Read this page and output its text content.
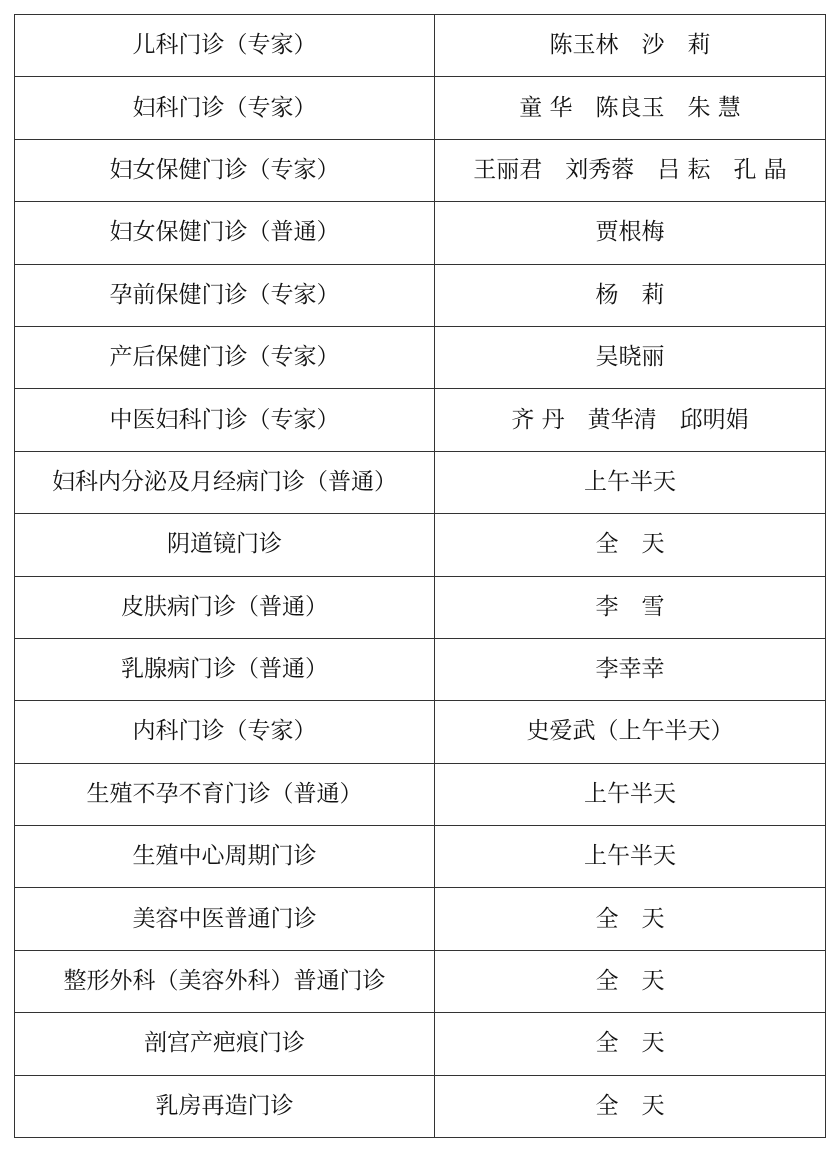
儿科门诊（专家）	陈玉林　沙　莉
妇科门诊（专家）	童 华　陈良玉　朱 慧
妇女保健门诊（专家）	王丽君　刘秀蓉　吕 耘　孔 晶
妇女保健门诊（普通）	贾根梅
孕前保健门诊（专家）	杨　莉
产后保健门诊（专家）	吴晓丽
中医妇科门诊（专家）	齐 丹　黄华清　邱明娟
妇科内分泌及月经病门诊（普通）	上午半天
阴道镜门诊	全　天
皮肤病门诊（普通）	李　雪
乳腺病门诊（普通）	李幸幸
内科门诊（专家）	史爱武（上午半天）
生殖不孕不育门诊（普通）	上午半天
生殖中心周期门诊	上午半天
美容中医普通门诊	全　天
整形外科（美容外科）普通门诊	全　天
剖宫产疤痕门诊	全　天
乳房再造门诊	全　天
